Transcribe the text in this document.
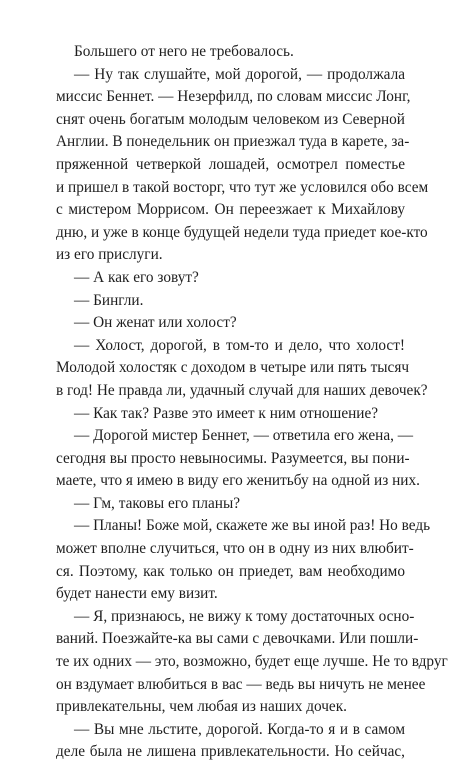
Большего от него не требовалось.
— Ну так слушайте, мой дорогой, — продолжала
миссис Беннет. — Незерфилд, по словам миссис Лонг,
снят очень богатым молодым человеком из Северной
Англии. В понедельник он приезжал туда в карете, за-
пряженной четверкой лошадей, осмотрел поместье
и пришел в такой восторг, что тут же условился обо всем
с мистером Моррисом. Он переезжает к Михайлову
дню, и уже в конце будущей недели туда приедет кое-кто
из его прислуги.
— А как его зовут?
— Бингли.
— Он женат или холост?
— Холост, дорогой, в том-то и дело, что холост!
Молодой холостяк с доходом в четыре или пять тысяч
в год! Не правда ли, удачный случай для наших девочек?
— Как так? Разве это имеет к ним отношение?
— Дорогой мистер Беннет, — ответила его жена, —
сегодня вы просто невыносимы. Разумеется, вы пони-
маете, что я имею в виду его женитьбу на одной из них.
— Гм, таковы его планы?
— Планы! Боже мой, скажете же вы иной раз! Но ведь
может вполне случиться, что он в одну из них влюбит-
ся. Поэтому, как только он приедет, вам необходимо
будет нанести ему визит.
— Я, признаюсь, не вижу к тому достаточных осно-
ваний. Поезжайте-ка вы сами с девочками. Или пошли-
те их одних — это, возможно, будет еще лучше. Не то вдруг
он вздумает влюбиться в вас — ведь вы ничуть не менее
привлекательны, чем любая из наших дочек.
— Вы мне льстите, дорогой. Когда-то я и в самом
деле была не лишена привлекательности. Но сейчас,
